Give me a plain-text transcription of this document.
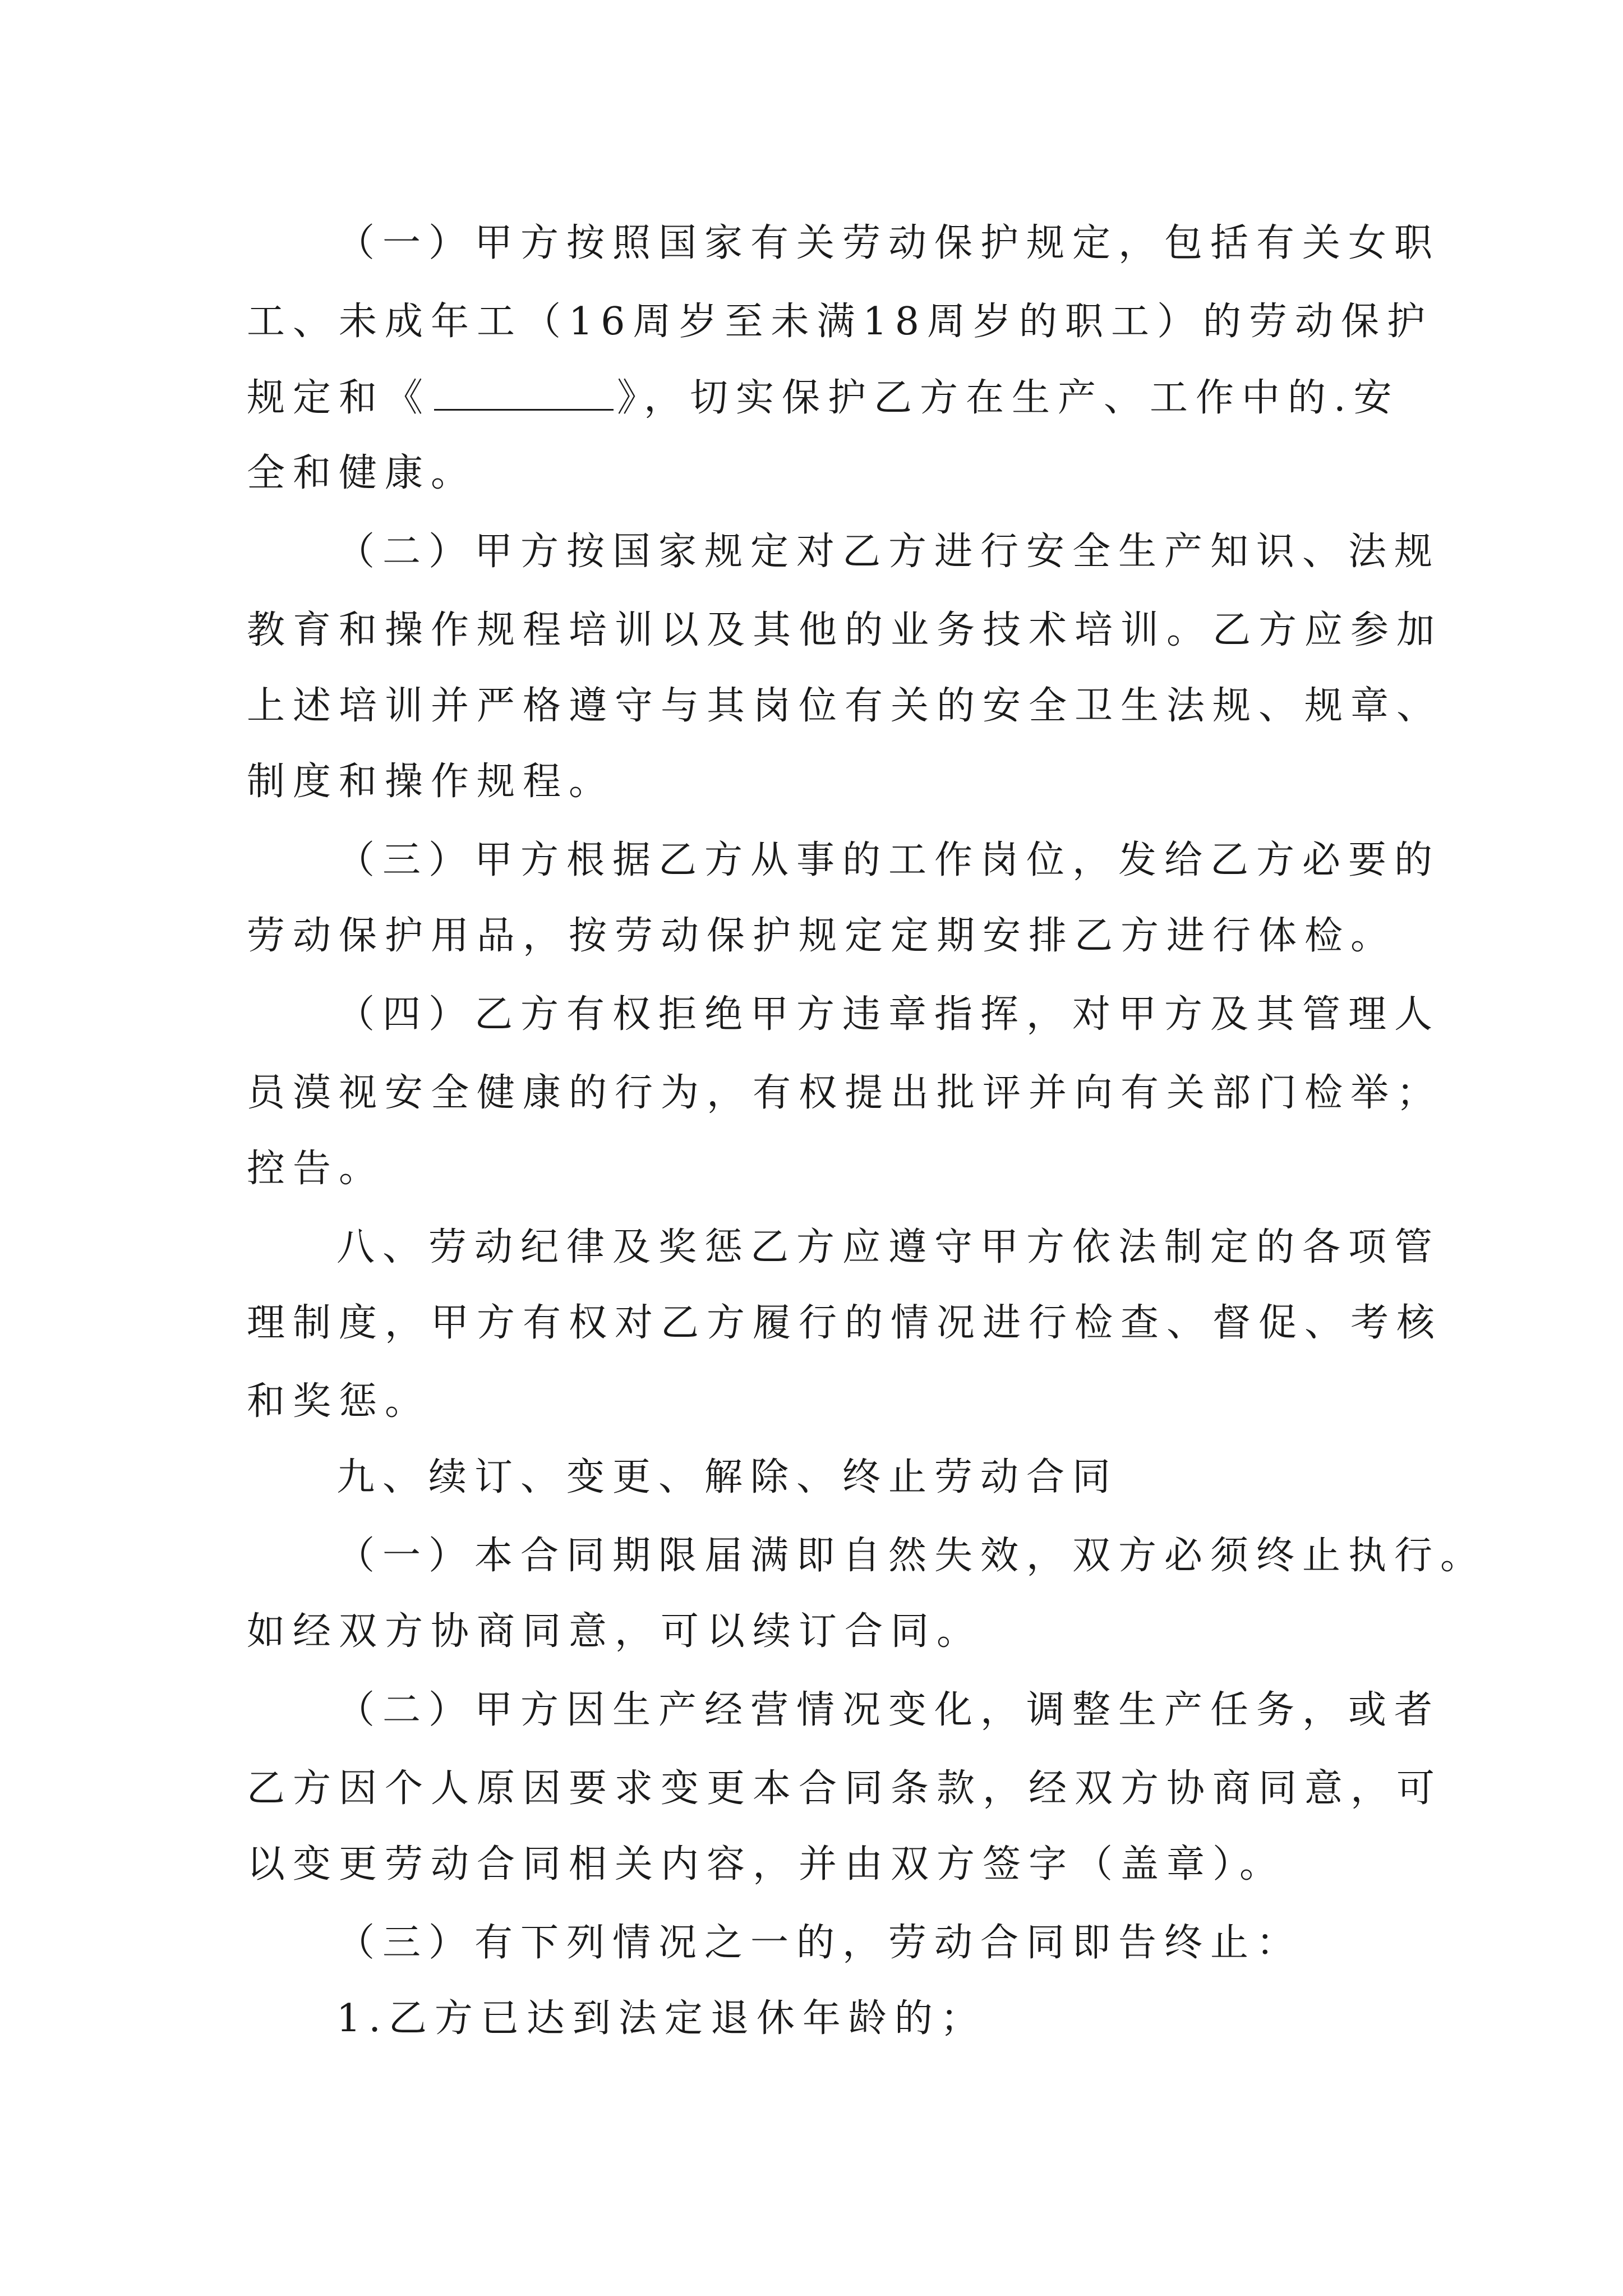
（一）甲方按照国家有关劳动保护规定，包括有关女职
工、未成年工（16周岁至未满18周岁的职工）的劳动保护
规定和《	》，切实保护乙方在生产、工作中的.安
全和健康。
（二）甲方按国家规定对乙方进行安全生产知识、法规
教育和操作规程培训以及其他的业务技术培训。乙方应参加
上述培训并严格遵守与其岗位有关的安全卫生法规、规章、
制度和操作规程。
（三）甲方根据乙方从事的工作岗位，发给乙方必要的
劳动保护用品，按劳动保护规定定期安排乙方进行体检。
（四）乙方有权拒绝甲方违章指挥，对甲方及其管理人
员漠视安全健康的行为，有权提出批评并向有关部门检举；
控告。
八、劳动纪律及奖惩乙方应遵守甲方依法制定的各项管
理制度，甲方有权对乙方履行的情况进行检查、督促、考核
和奖惩。
九、续订、变更、解除、终止劳动合同
（一）本合同期限届满即自然失效，双方必须终止执行。
如经双方协商同意，可以续订合同。
（二）甲方因生产经营情况变化，调整生产任务，或者
乙方因个人原因要求变更本合同条款，经双方协商同意，可
以变更劳动合同相关内容，并由双方签字（盖章）。
（三）有下列情况之一的，劳动合同即告终止：
1.乙方已达到法定退休年龄的；
